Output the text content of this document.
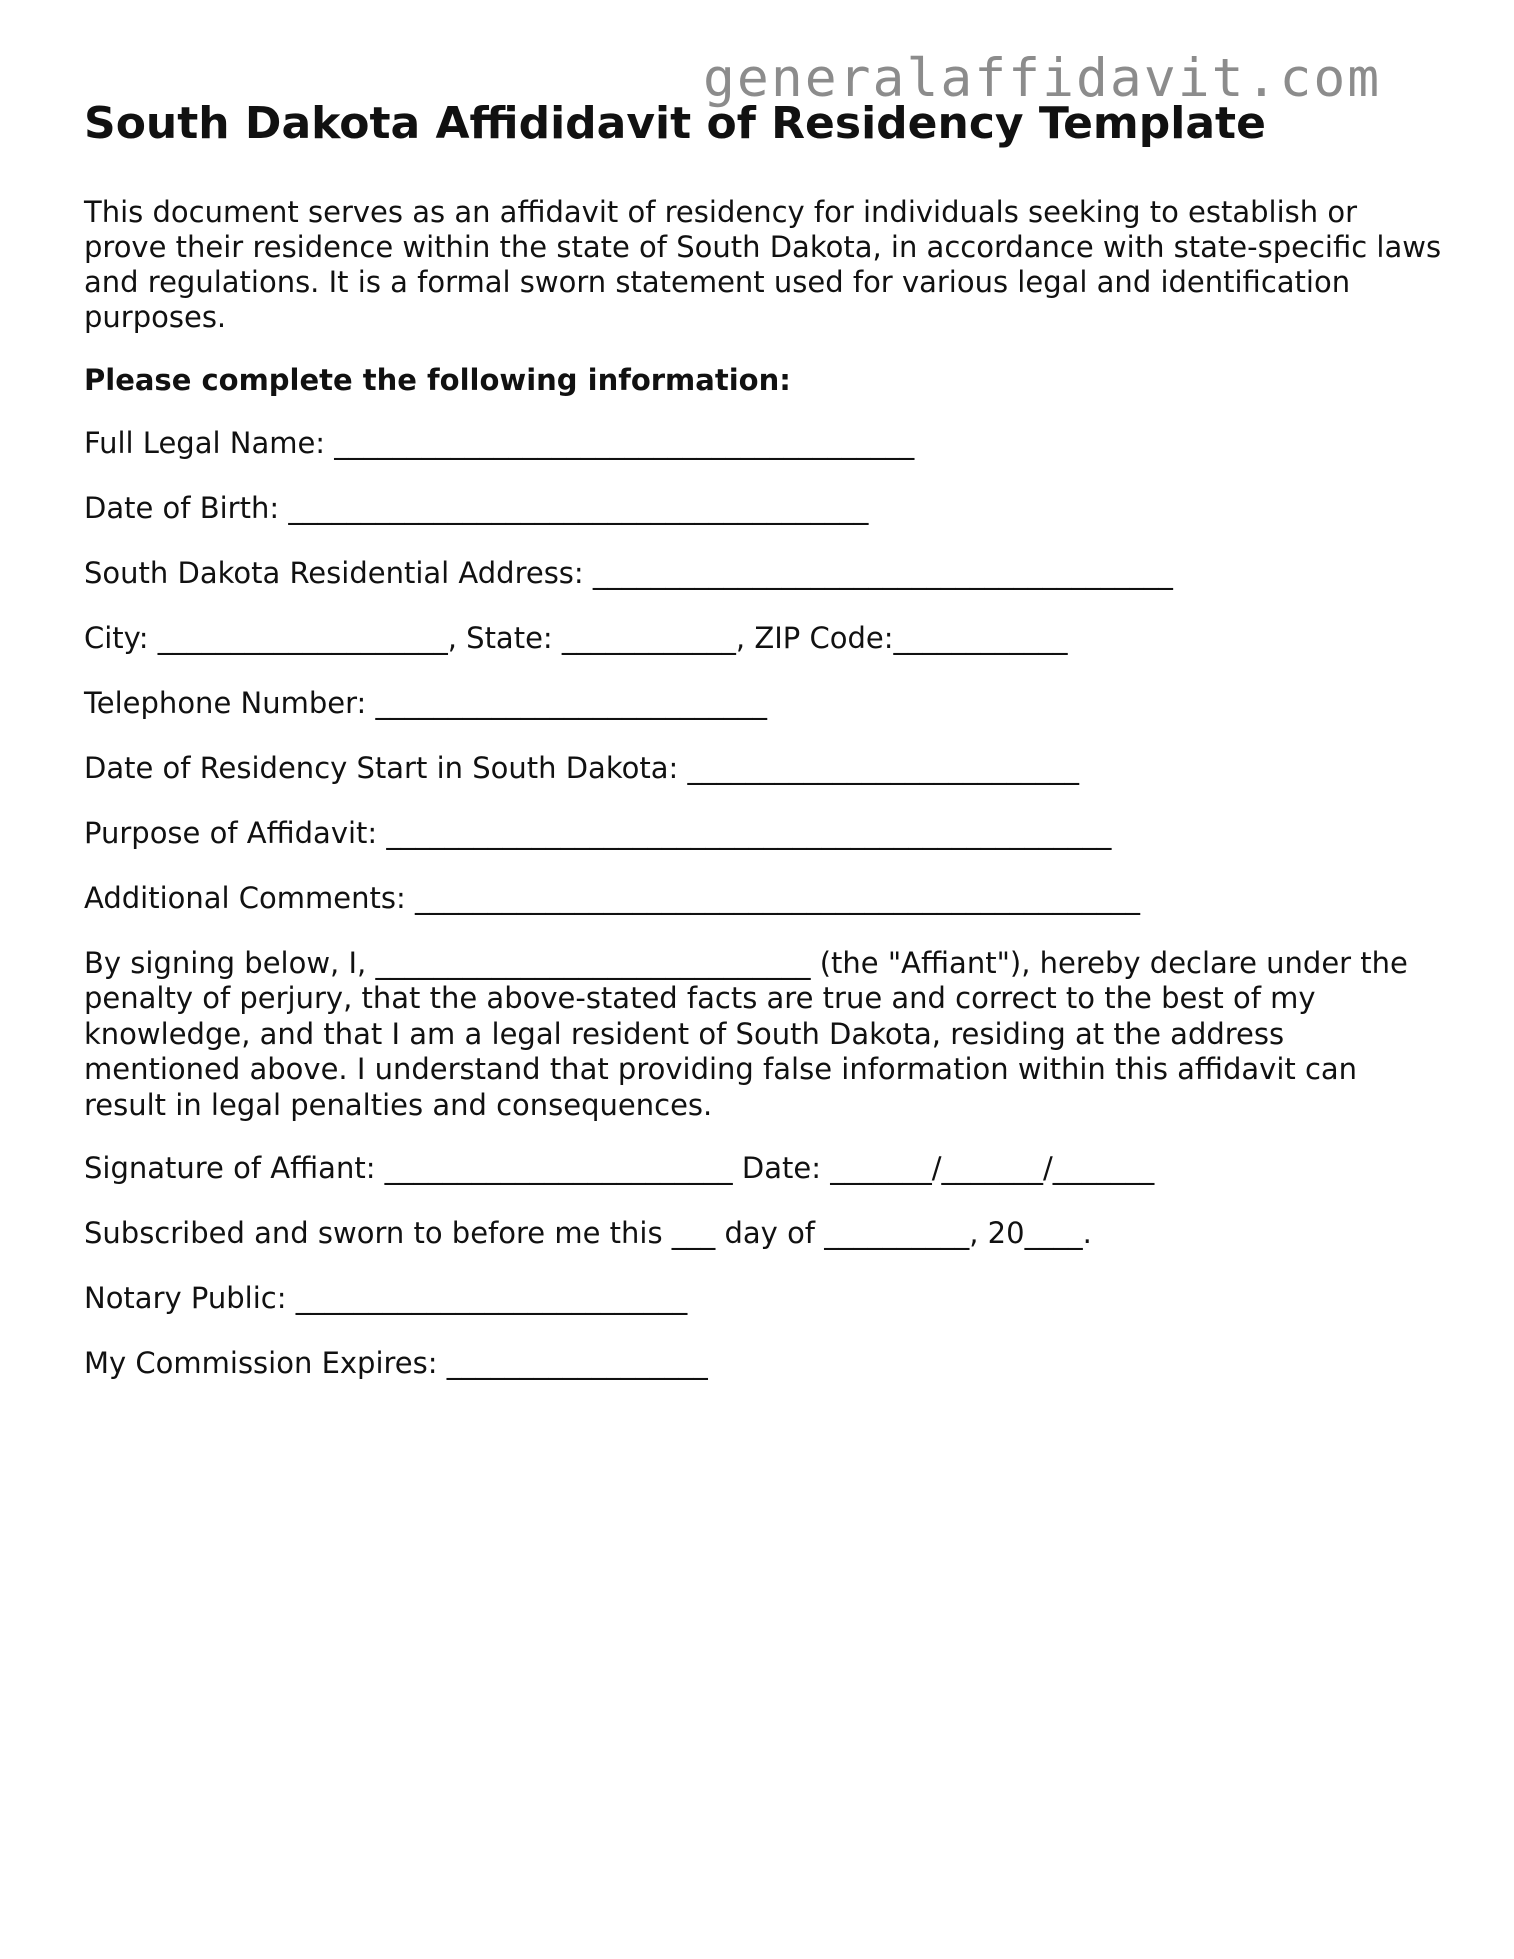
generalaffidavit.com
South Dakota Affididavit of Residency Template

This document serves as an affidavit of residency for individuals seeking to establish or prove their residence within the state of South Dakota, in accordance with state-specific laws and regulations. It is a formal sworn statement used for various legal and identification purposes.

Please complete the following information:

Full Legal Name: ________________________________________

Date of Birth: ________________________________________

South Dakota Residential Address: ________________________________________

City: ____________________, State: ____________, ZIP Code:____________

Telephone Number: ___________________________

Date of Residency Start in South Dakota: ___________________________

Purpose of Affidavit: __________________________________________________

Additional Comments: __________________________________________________

By signing below, I, ______________________________ (the "Affiant"), hereby declare under the penalty of perjury, that the above-stated facts are true and correct to the best of my knowledge, and that I am a legal resident of South Dakota, residing at the address mentioned above. I understand that providing false information within this affidavit can result in legal penalties and consequences.

Signature of Affiant: ________________________ Date: _______/_______/_______

Subscribed and sworn to before me this ___ day of __________, 20____.

Notary Public: ___________________________

My Commission Expires: __________________
